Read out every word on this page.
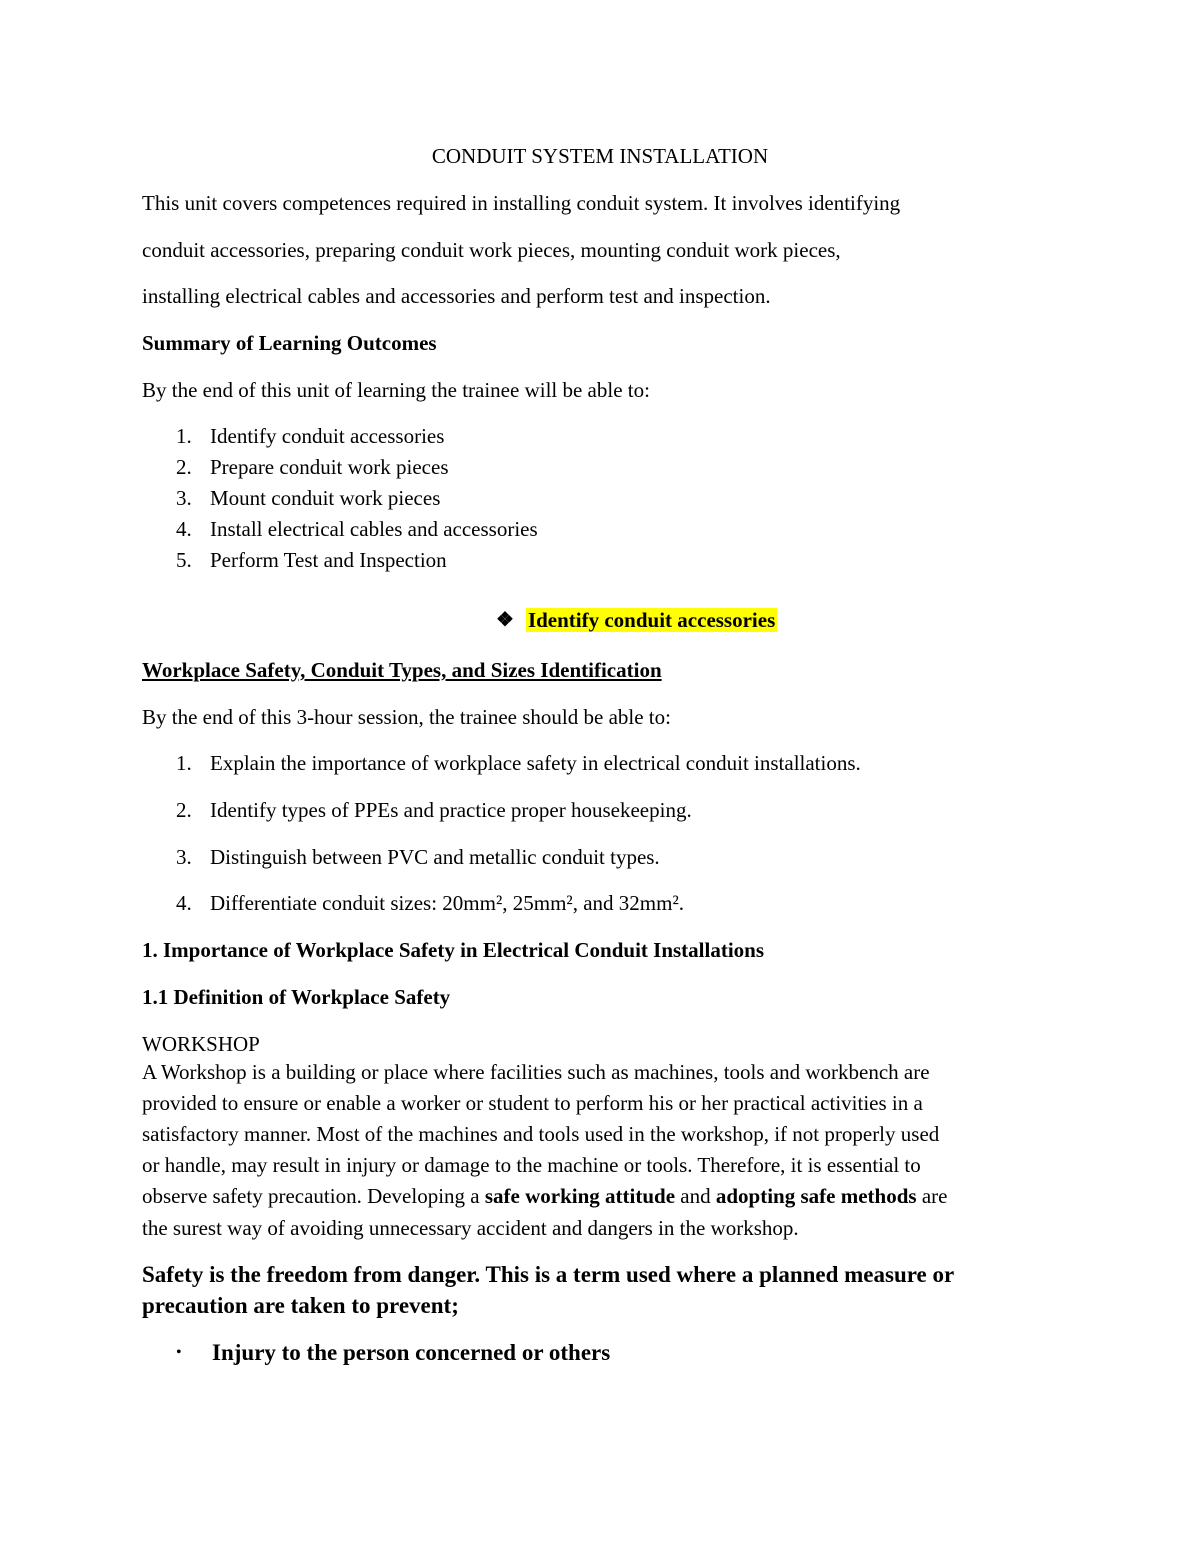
CONDUIT SYSTEM INSTALLATION

This unit covers competences required in installing conduit system. It involves identifying

conduit accessories, preparing conduit work pieces, mounting conduit work pieces,

installing electrical cables and accessories and perform test and inspection.

Summary of Learning Outcomes

By the end of this unit of learning the trainee will be able to:

1. Identify conduit accessories
2. Prepare conduit work pieces
3. Mount conduit work pieces
4. Install electrical cables and accessories
5. Perform Test and Inspection
❖ Identify conduit accessories

Workplace Safety, Conduit Types, and Sizes Identification

By the end of this 3-hour session, the trainee should be able to:

1. Explain the importance of workplace safety in electrical conduit installations.
2. Identify types of PPEs and practice proper housekeeping.
3. Distinguish between PVC and metallic conduit types.
4. Differentiate conduit sizes: 20mm², 25mm², and 32mm².

1. Importance of Workplace Safety in Electrical Conduit Installations

1.1 Definition of Workplace Safety

WORKSHOP

A Workshop is a building or place where facilities such as machines, tools and workbench are

provided to ensure or enable a worker or student to perform his or her practical activities in a

satisfactory manner. Most of the machines and tools used in the workshop, if not properly used

or handle, may result in injury or damage to the machine or tools. Therefore, it is essential to

observe safety precaution. Developing a safe working attitude and adopting safe methods are

the surest way of avoiding unnecessary accident and dangers in the workshop.

Safety is the freedom from danger. This is a term used where a planned measure or

precaution are taken to prevent;

• Injury to the person concerned or others
